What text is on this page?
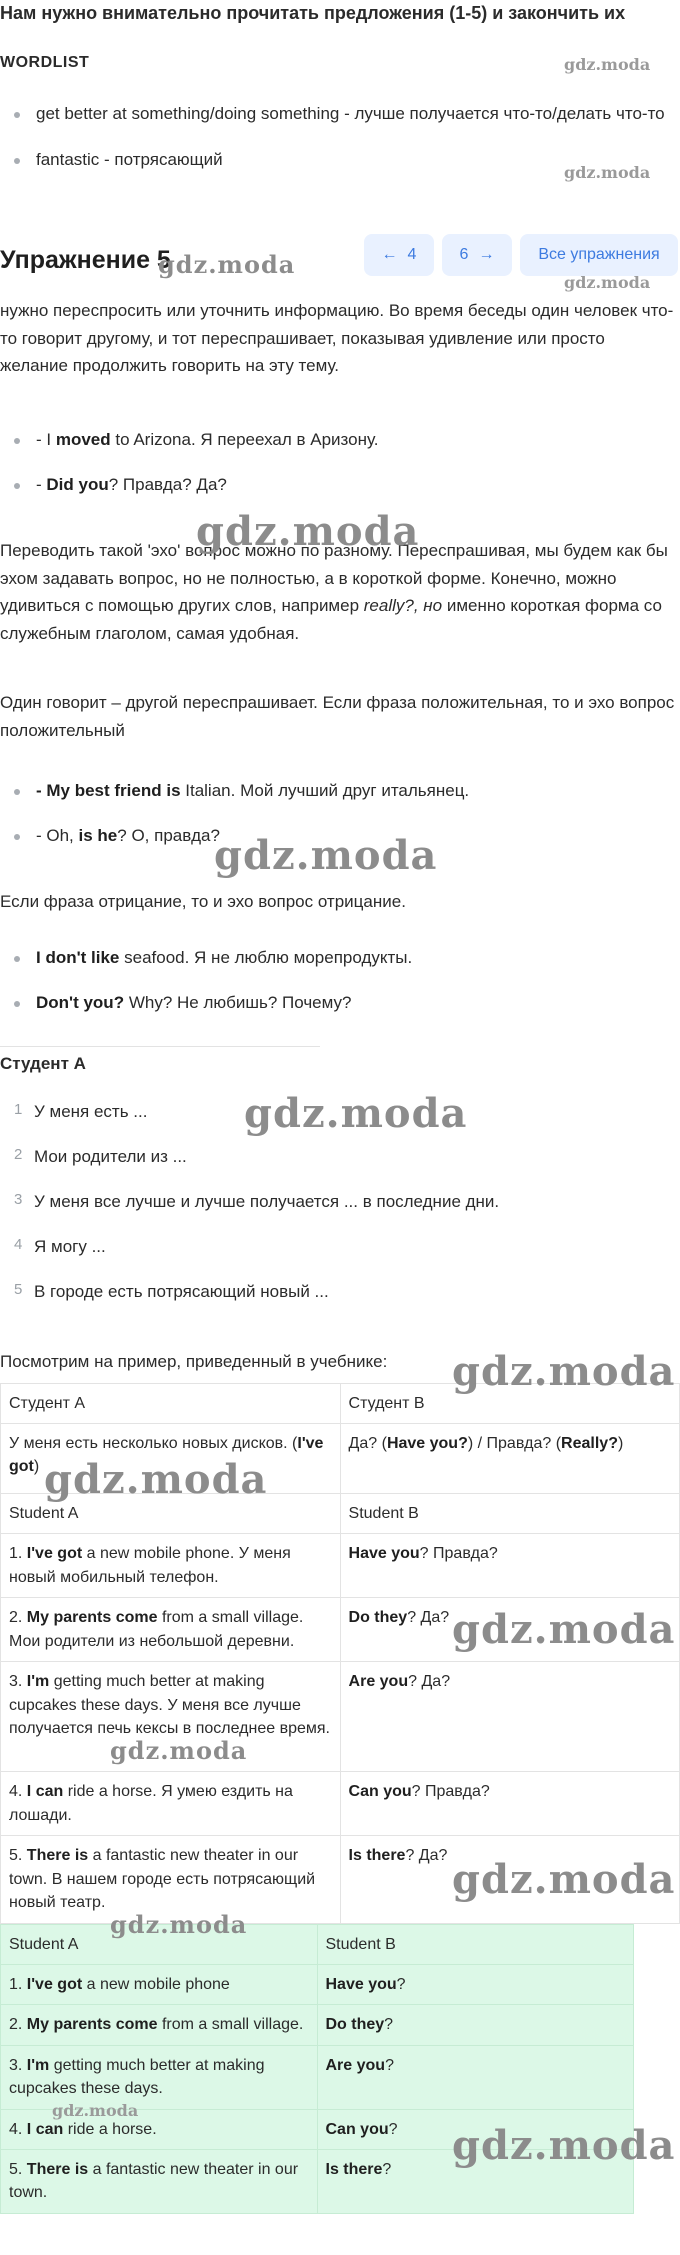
Нам нужно внимательно прочитать предложения (1-5) и закончить их
WORDLIST
get better at something/doing something - лучше получается что-то/делать что-то
fantastic - потрясающий
Упражнение 5	← 4	6 →	Все упражнения
нужно переспросить или уточнить информацию. Во время беседы один человек что-то говорит другому, и тот переспрашивает, показывая удивление или просто желание продолжить говорить на эту тему.
- I moved to Arizona. Я переехал в Аризону.
- Did you? Правда? Да?
Переводить такой 'эхо' вопрос можно по разному. Переспрашивая, мы будем как бы эхом задавать вопрос, но не полностью, а в короткой форме. Конечно, можно удивиться с помощью других слов, например really?, но именно короткая форма со служебным глаголом, самая удобная.
Один говорит – другой переспрашивает. Если фраза положительная, то и эхо вопрос положительный
- My best friend is Italian. Мой лучший друг итальянец.
- Oh, is he? О, правда?
Если фраза отрицание, то и эхо вопрос отрицание.
I don't like seafood. Я не люблю морепродукты.
Don't you? Why? Не любишь? Почему?
Студент А
1 У меня есть ...
2 Мои родители из ...
3 У меня все лучше и лучше получается ... в последние дни.
4 Я могу ...
5 В городе есть потрясающий новый ...
Посмотрим на пример, приведенный в учебнике:
Студент А	Студент В
У меня есть несколько новых дисков. (I've got)	Да? (Have you?) / Правда? (Really?)
Student A	Student B
1. I've got a new mobile phone. У меня новый мобильный телефон.	Have you? Правда?
2. My parents come from a small village. Мои родители из небольшой деревни.	Do they? Да?
3. I'm getting much better at making cupcakes these days. У меня все лучше получается печь кексы в последнее время.	Are you? Да?
4. I can ride a horse. Я умею ездить на лошади.	Can you? Правда?
5. There is a fantastic new theater in our town. В нашем городе есть потрясающий новый театр.	Is there? Да?
Student A	Student B
1. I've got a new mobile phone	Have you?
2. My parents come from a small village.	Do they?
3. I'm getting much better at making cupcakes these days.	Are you?
4. I can ride a horse.	Can you?
5. There is a fantastic new theater in our town.	Is there?
gdz.moda
gdz.moda
gdz.moda
gdz.moda
gdz.moda
gdz.moda
gdz.moda
gdz.moda
gdz.moda
gdz.moda
gdz.moda
gdz.moda
gdz.moda
gdz.moda
gdz.moda
